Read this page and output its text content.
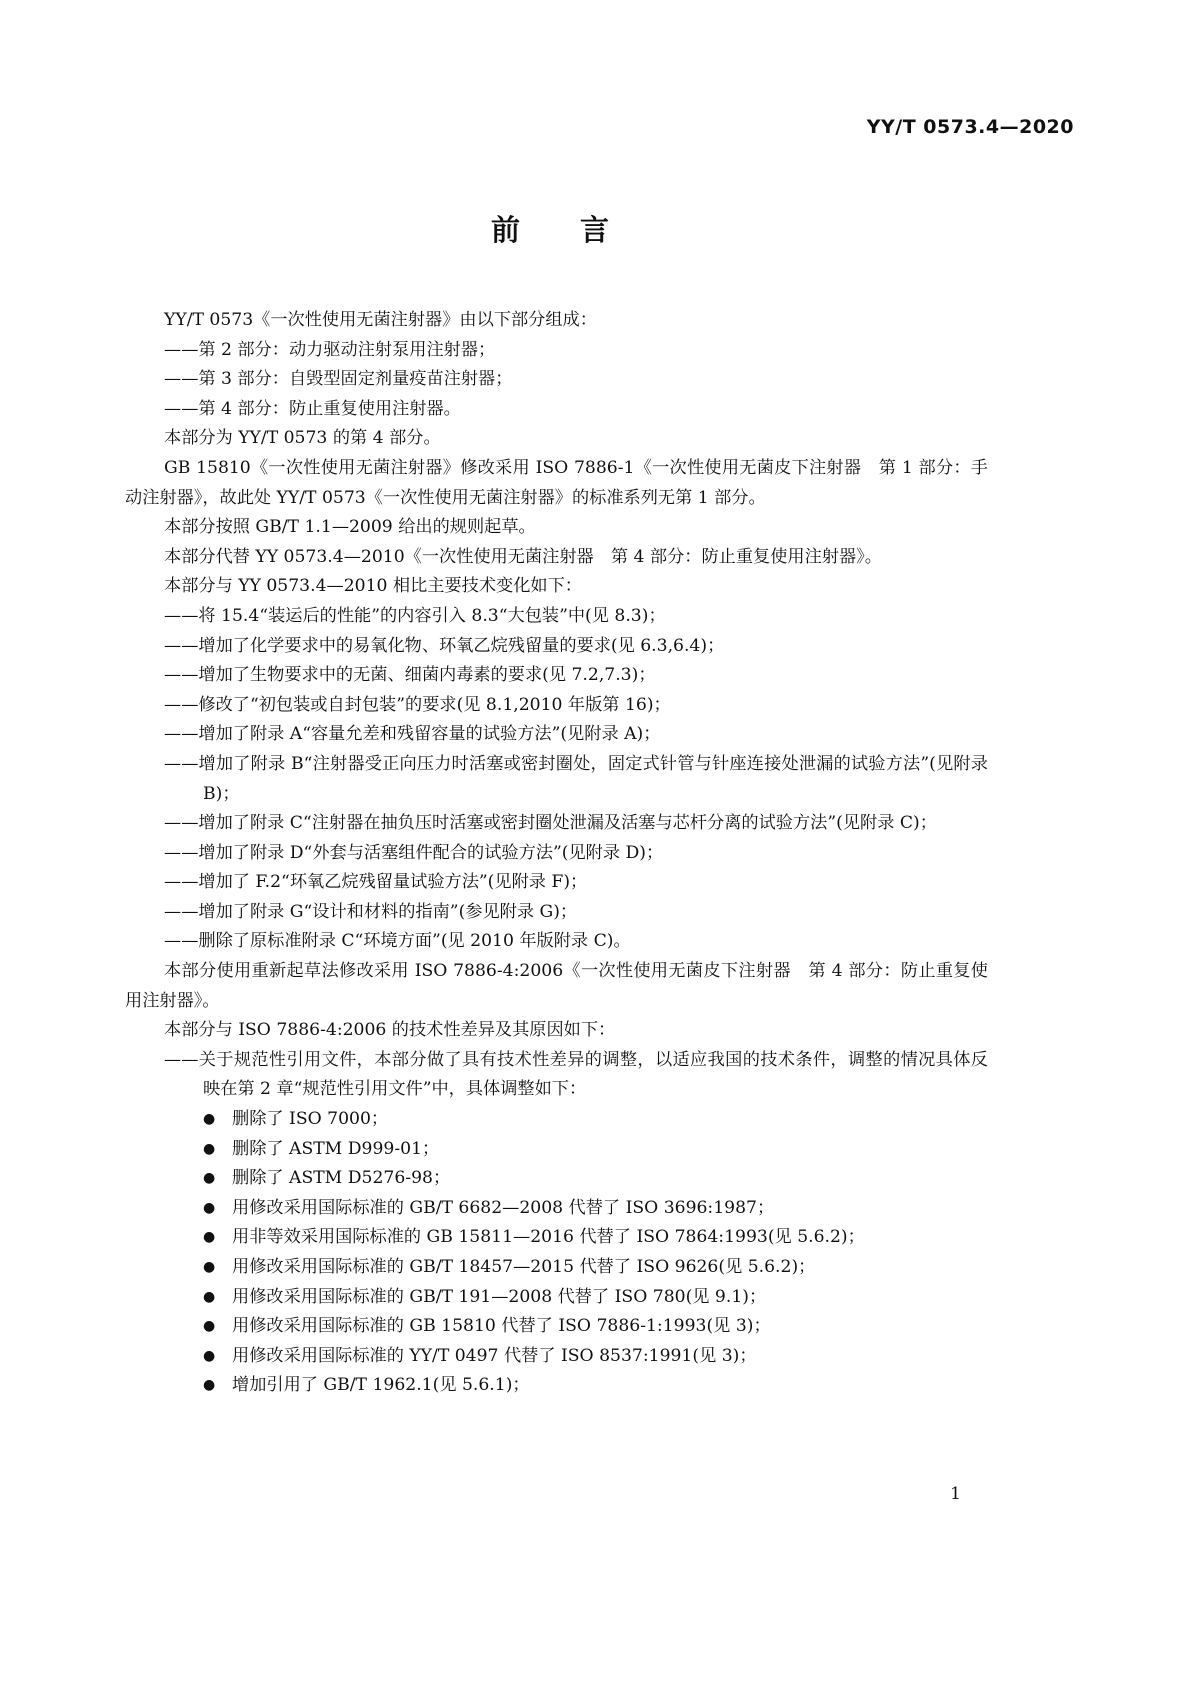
YY/T 0573.4—2020
前言

YY/T 0573《一次性使用无菌注射器》由以下部分组成：

——第 2 部分：动力驱动注射泵用注射器；

——第 3 部分：自毁型固定剂量疫苗注射器；

——第 4 部分：防止重复使用注射器。

本部分为 YY/T 0573 的第 4 部分。

GB 15810《一次性使用无菌注射器》修改采用 ISO 7886-1《一次性使用无菌皮下注射器　第 1 部分：手动注射器》，故此处 YY/T 0573《一次性使用无菌注射器》的标准系列无第 1 部分。

本部分按照 GB/T 1.1—2009 给出的规则起草。

本部分代替 YY 0573.4—2010《一次性使用无菌注射器　第 4 部分：防止重复使用注射器》。

本部分与 YY 0573.4—2010 相比主要技术变化如下：

——将 15.4“装运后的性能”的内容引入 8.3“大包装”中(见 8.3)；

——增加了化学要求中的易氧化物、环氧乙烷残留量的要求(见 6.3,6.4)；

——增加了生物要求中的无菌、细菌内毒素的要求(见 7.2,7.3)；

——修改了“初包装或自封包装”的要求(见 8.1,2010 年版第 16)；

——增加了附录 A“容量允差和残留容量的试验方法”(见附录 A)；

——增加了附录 B“注射器受正向压力时活塞或密封圈处，固定式针管与针座连接处泄漏的试验方法”(见附录 B)；

——增加了附录 C“注射器在抽负压时活塞或密封圈处泄漏及活塞与芯杆分离的试验方法”(见附录 C)；

——增加了附录 D“外套与活塞组件配合的试验方法”(见附录 D)；

——增加了 F.2“环氧乙烷残留量试验方法”(见附录 F)；

——增加了附录 G“设计和材料的指南”(参见附录 G)；

——删除了原标准附录 C“环境方面”(见 2010 年版附录 C)。

本部分使用重新起草法修改采用 ISO 7886-4:2006《一次性使用无菌皮下注射器　第 4 部分：防止重复使用注射器》。

本部分与 ISO 7886-4:2006 的技术性差异及其原因如下：

——关于规范性引用文件，本部分做了具有技术性差异的调整，以适应我国的技术条件，调整的情况具体反映在第 2 章“规范性引用文件”中，具体调整如下：

● 删除了 ISO 7000；
● 删除了 ASTM D999-01；
● 删除了 ASTM D5276-98；
● 用修改采用国际标准的 GB/T 6682—2008 代替了 ISO 3696:1987；
● 用非等效采用国际标准的 GB 15811—2016 代替了 ISO 7864:1993(见 5.6.2)；
● 用修改采用国际标准的 GB/T 18457—2015 代替了 ISO 9626(见 5.6.2)；
● 用修改采用国际标准的 GB/T 191—2008 代替了 ISO 780(见 9.1)；
● 用修改采用国际标准的 GB 15810 代替了 ISO 7886-1:1993(见 3)；
● 用修改采用国际标准的 YY/T 0497 代替了 ISO 8537:1991(见 3)；
● 增加引用了 GB/T 1962.1(见 5.6.1)；
1
